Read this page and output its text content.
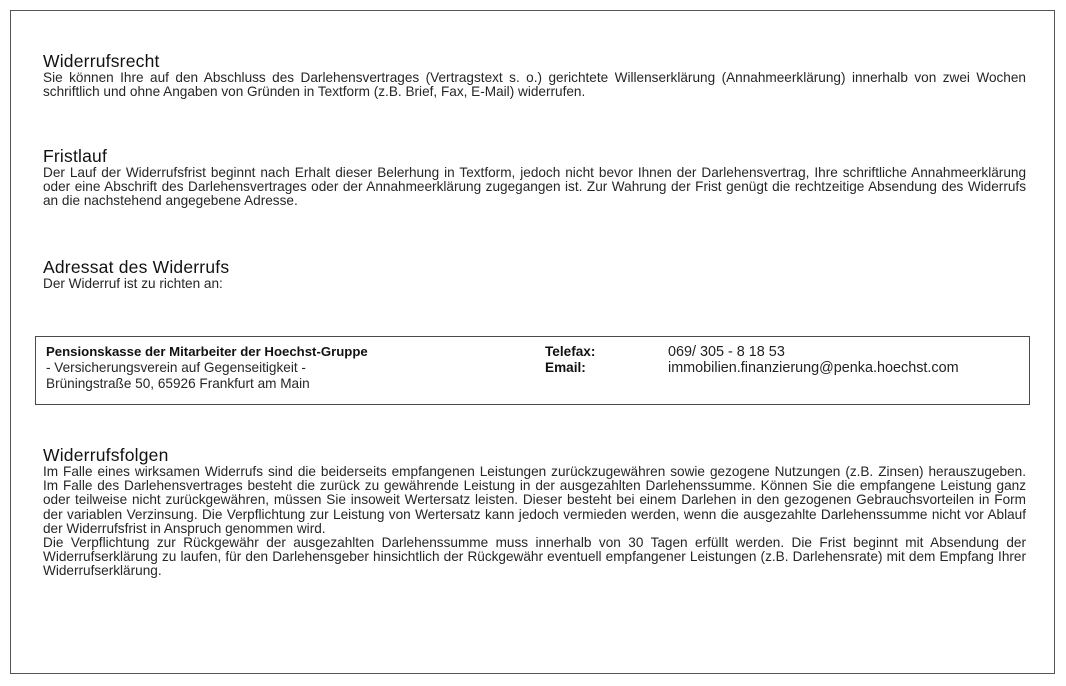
Widerrufsrecht

Sie können Ihre auf den Abschluss des Darlehensvertrages (Vertragstext s. o.) gerichtete Willenserklärung (Annahmeerklärung) innerhalb von zwei Wochen schriftlich und ohne Angaben von Gründen in Textform (z.B. Brief, Fax, E-Mail) widerrufen.

Fristlauf

Der Lauf der Widerrufsfrist beginnt nach Erhalt dieser Belerhung in Textform, jedoch nicht bevor Ihnen der Darlehensvertrag, Ihre schriftliche Annahmeerklärung oder eine Abschrift des Darlehensvertrages oder der Annahmeerklärung zugegangen ist. Zur Wahrung der Frist genügt die rechtzeitige Absendung des Widerrufs an die nachstehend angegebene Adresse.

Adressat des Widerrufs

Der Widerruf ist zu richten an:

Pensionskasse der Mitarbeiter der Hoechst-Gruppe
- Versicherungsverein auf Gegenseitigkeit -
Brüningstraße 50, 65926 Frankfurt am Main
Telefax:
Email:
069/ 305 - 8 18 53
immobilien.finanzierung@penka.hoechst.com
Widerrufsfolgen

Im Falle eines wirksamen Widerrufs sind die beiderseits empfangenen Leistungen zurückzugewähren sowie gezogene Nutzungen (z.B. Zinsen) herauszugeben. Im Falle des Darlehensvertrages besteht die zurück zu gewährende Leistung in der ausgezahlten Darlehenssumme. Können Sie die empfangene Leistung ganz oder teilweise nicht zurückgewähren, müssen Sie insoweit Wertersatz leisten. Dieser besteht bei einem Darlehen in den gezogenen Gebrauchsvorteilen in Form der variablen Verzinsung. Die Verpflichtung zur Leistung von Wertersatz kann jedoch vermieden werden, wenn die ausgezahlte Darlehenssumme nicht vor Ablauf der Widerrufsfrist in Anspruch genommen wird.

Die Verpflichtung zur Rückgewähr der ausgezahlten Darlehenssumme muss innerhalb von 30 Tagen erfüllt werden. Die Frist beginnt mit Absendung der Widerrufserklärung zu laufen, für den Darlehensgeber hinsichtlich der Rückgewähr eventuell empfangener Leistungen (z.B. Darlehensrate) mit dem Empfang Ihrer Widerrufserklärung.
